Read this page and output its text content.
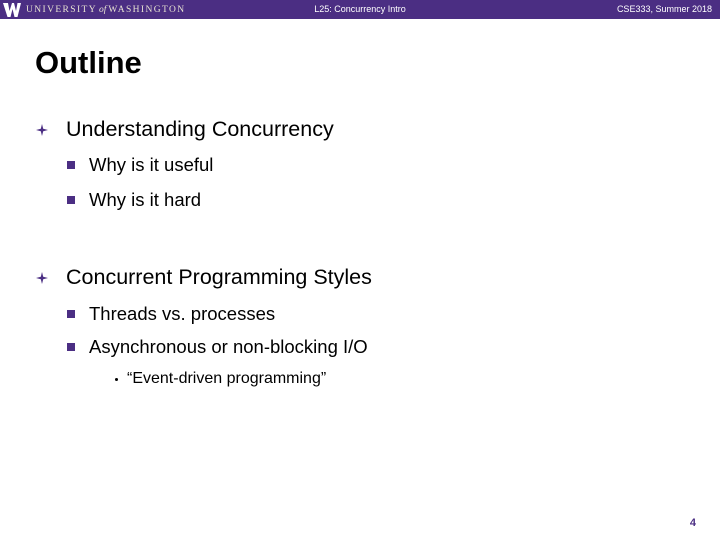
UNIVERSITY of WASHINGTON	L25: Concurrency Intro	CSE333, Summer 2018
Outline
Understanding Concurrency
Why is it useful
Why is it hard
Concurrent Programming Styles
Threads vs. processes
Asynchronous or non-blocking I/O
“Event-driven programming”
4
